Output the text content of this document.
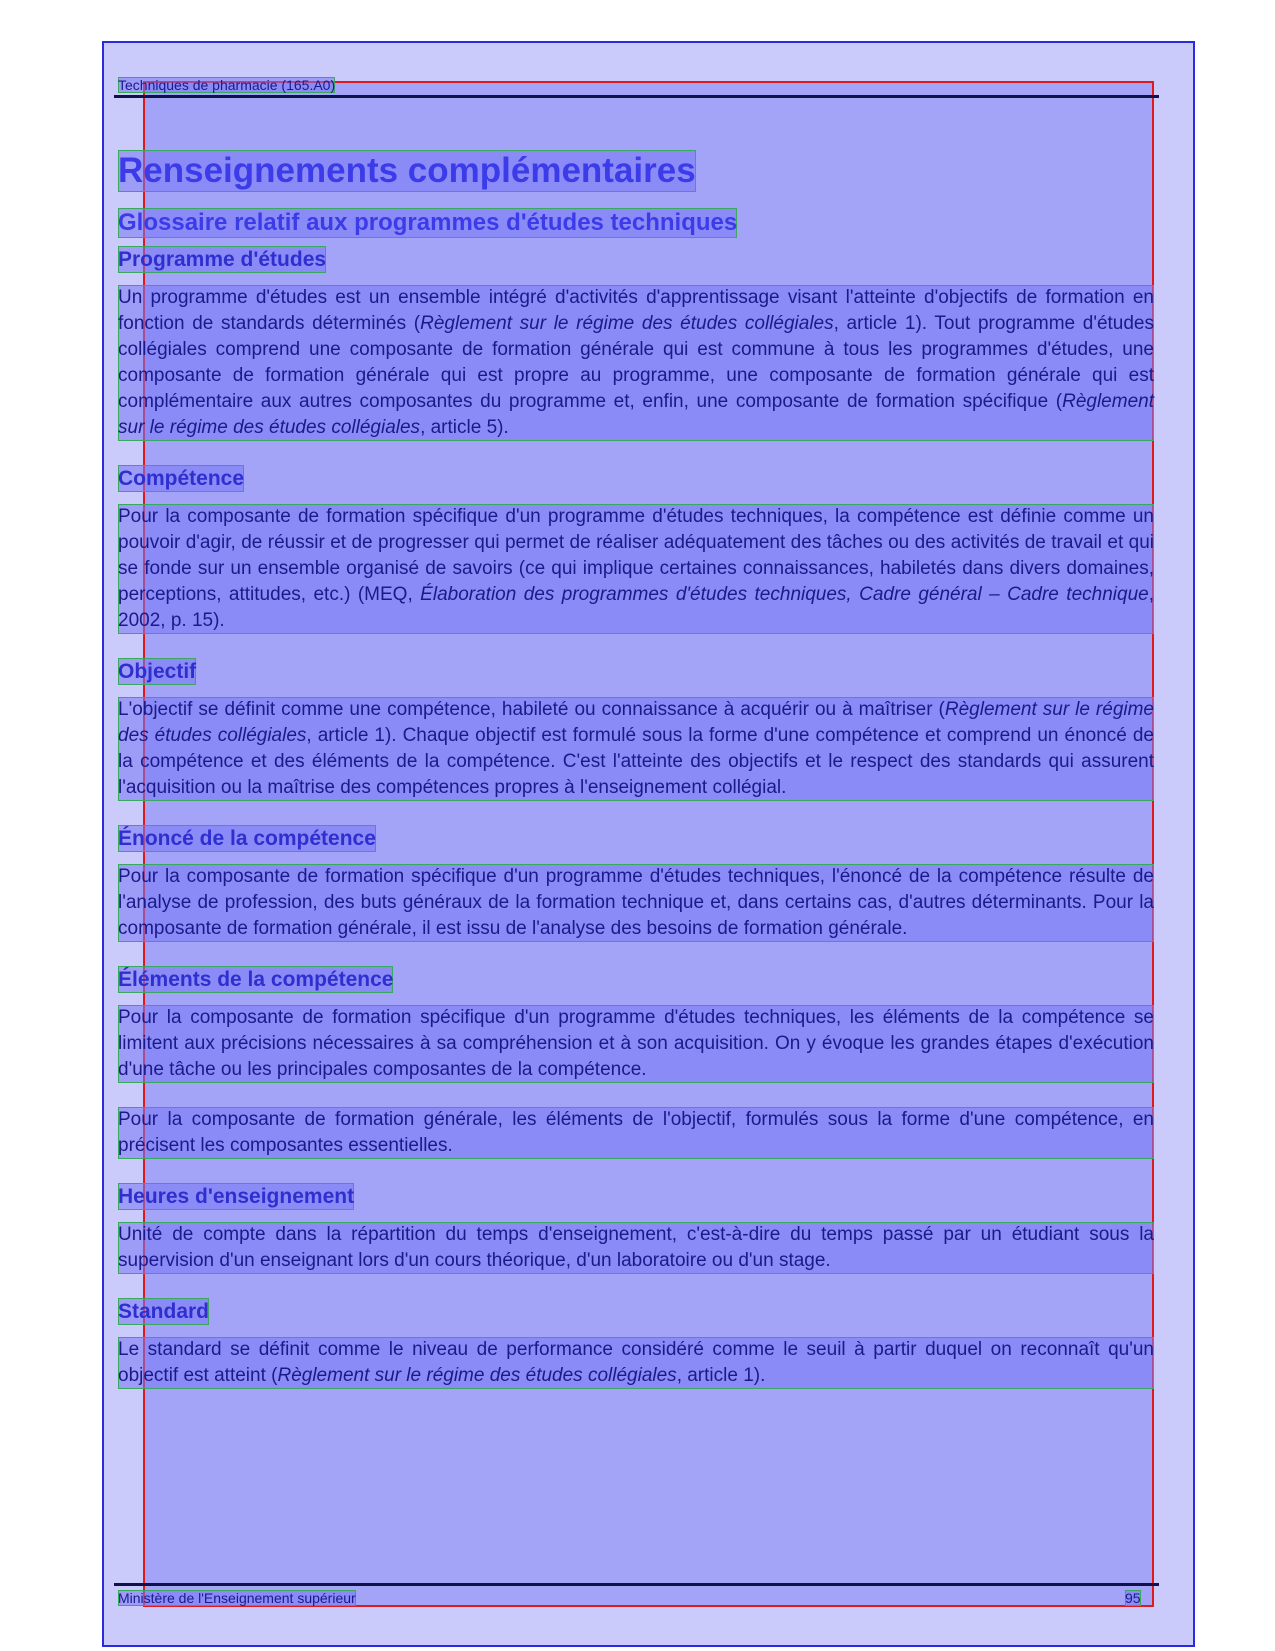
Techniques de pharmacie (165.A0)
Renseignements complémentaires
Glossaire relatif aux programmes d'études techniques
Programme d'études

Un programme d'études est un ensemble intégré d'activités d'apprentissage visant l'atteinte d'objectifs de formation en fonction de standards déterminés (Règlement sur le régime des études collégiales, article 1). Tout programme d'études collégiales comprend une composante de formation générale qui est commune à tous les programmes d'études, une composante de formation générale qui est propre au programme, une composante de formation générale qui est complémentaire aux autres composantes du programme et, enfin, une composante de formation spécifique (Règlement sur le régime des études collégiales, article 5).

Compétence

Pour la composante de formation spécifique d'un programme d'études techniques, la compétence est définie comme un pouvoir d'agir, de réussir et de progresser qui permet de réaliser adéquatement des tâches ou des activités de travail et qui se fonde sur un ensemble organisé de savoirs (ce qui implique certaines connaissances, habiletés dans divers domaines, perceptions, attitudes, etc.) (MEQ, Élaboration des programmes d'études techniques, Cadre général – Cadre technique, 2002, p. 15).

Objectif

L'objectif se définit comme une compétence, habileté ou connaissance à acquérir ou à maîtriser (Règlement sur le régime des études collégiales, article 1). Chaque objectif est formulé sous la forme d'une compétence et comprend un énoncé de la compétence et des éléments de la compétence. C'est l'atteinte des objectifs et le respect des standards qui assurent l'acquisition ou la maîtrise des compétences propres à l'enseignement collégial.

Énoncé de la compétence

Pour la composante de formation spécifique d'un programme d'études techniques, l'énoncé de la compétence résulte de l'analyse de profession, des buts généraux de la formation technique et, dans certains cas, d'autres déterminants. Pour la composante de formation générale, il est issu de l'analyse des besoins de formation générale.

Éléments de la compétence

Pour la composante de formation spécifique d'un programme d'études techniques, les éléments de la compétence se limitent aux précisions nécessaires à sa compréhension et à son acquisition. On y évoque les grandes étapes d'exécution d'une tâche ou les principales composantes de la compétence.

Pour la composante de formation générale, les éléments de l'objectif, formulés sous la forme d'une compétence, en précisent les composantes essentielles.

Heures d'enseignement

Unité de compte dans la répartition du temps d'enseignement, c'est-à-dire du temps passé par un étudiant sous la supervision d'un enseignant lors d'un cours théorique, d'un laboratoire ou d'un stage.

Standard

Le standard se définit comme le niveau de performance considéré comme le seuil à partir duquel on reconnaît qu'un objectif est atteint (Règlement sur le régime des études collégiales, article 1).

Ministère de l'Enseignement supérieur	95
